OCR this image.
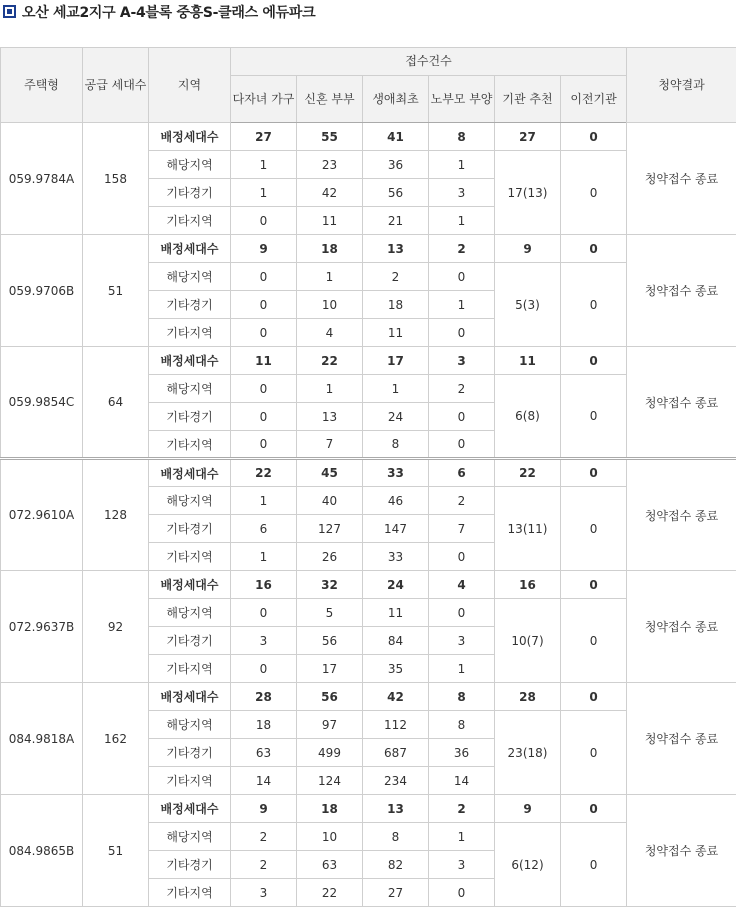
오산 세교2지구 A-4블록 중흥S-클래스 에듀파크
주택형	공급 세대수	지역	접수건수						청약결과
			다자녀 가구	신혼 부부	생애최초	노부모 부양	기관 추천	이전기관	
059.9784A	158	배정세대수	27	55	41	8	27	0	청약접수 종료
		해당지역	1	23	36	1	17(13)	0	
		기타경기	1	42	56	3			
		기타지역	0	11	21	1			
059.9706B	51	배정세대수	9	18	13	2	9	0	청약접수 종료
		해당지역	0	1	2	0	5(3)	0	
		기타경기	0	10	18	1			
		기타지역	0	4	11	0			
059.9854C	64	배정세대수	11	22	17	3	11	0	청약접수 종료
		해당지역	0	1	1	2	6(8)	0	
		기타경기	0	13	24	0			
		기타지역	0	7	8	0			
072.9610A	128	배정세대수	22	45	33	6	22	0	청약접수 종료
		해당지역	1	40	46	2	13(11)	0	
		기타경기	6	127	147	7			
		기타지역	1	26	33	0			
072.9637B	92	배정세대수	16	32	24	4	16	0	청약접수 종료
		해당지역	0	5	11	0	10(7)	0	
		기타경기	3	56	84	3			
		기타지역	0	17	35	1			
084.9818A	162	배정세대수	28	56	42	8	28	0	청약접수 종료
		해당지역	18	97	112	8	23(18)	0	
		기타경기	63	499	687	36			
		기타지역	14	124	234	14			
084.9865B	51	배정세대수	9	18	13	2	9	0	청약접수 종료
		해당지역	2	10	8	1	6(12)	0	
		기타경기	2	63	82	3			
		기타지역	3	22	27	0			
